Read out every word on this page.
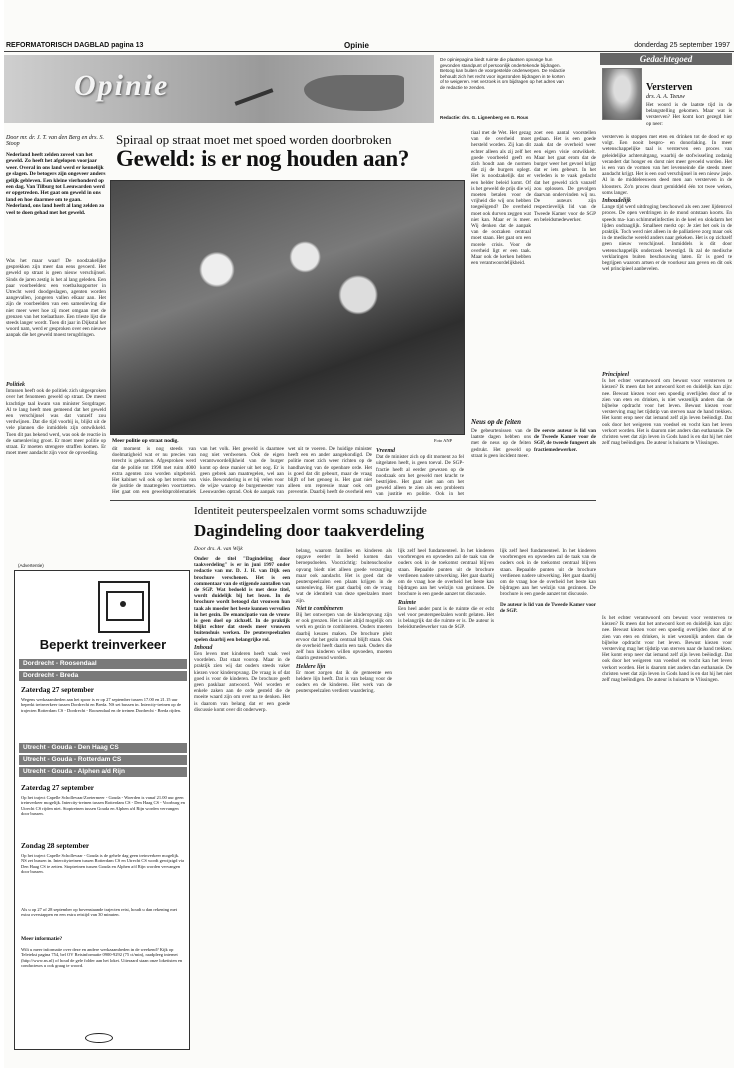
REFORMATORISCH DAGBLAD pagina 13	Opinie	donderdag 25 september 1997
Opinie
De opiniepagina biedt ruimte die plaatsen opvange hun gevonden standpunt of persoonlijk ondertekende bijdragen. Betoog kan buiten de voorgestelde onderwerpen. De redactie behoudt zich het recht voor ingezonden bijdragen in te korten of te weigeren. Het verzoek is om bijdragen op het adres van de redactie te zenden.
Redactie: drs. G. Lignenberg en G. Rous
Gedachtegoed
Versterven
drs. A. A. Teeuw
Het woord is de laatste tijd in de belangstelling gekomen. Maar wat is versterven? Het komt kort gezegd hier op neer:
versterven is stoppen met eten en drinken tot de dood er op volgt. Een nooit bespro- en donorlaking. In meer wetenschappelijke taal is versterven een proces van geleidelijke achteruitgang, waarbij de stofwisseling zodanig verandert dat honger en dorst niet meer gevoeld worden. Het is een van de vormen van het levenseinde die steeds meer aandacht krijgt. Het is een oud verschijnsel in een nieuw jasje. Al in de middeleeuwen deed men aan versterven in de kloosters. Zo'n proces duurt gemiddeld één tot twee weken, soms langer.
Inhoudelijk
Lange tijd werd uitdroging beschouwd als een zeer lijdensvol proces. De open verdringen in de mond ontstaan koorts. En speeds ma- kan schimmelinfecties in de keel en slokdarm het lijden ondraaglijk. Smalheet merkt op: Je ziet het ook in de praktijk. Toch werd niet alleen in de palliatieve zorg maar ook in de medische wereld anders naar gekeken. Het is op zichzelf geen nieuw verschijnsel. Inmiddels is dit door wetenschappelijk onderzoek bevestigd. Ik zal de medische verklaringen buiten beschouwing laten. Er is goed te begrijpen waarom artsen er de voorkeur aan geven en dit ook wel principieel aanbevelen.
Principieel
Is het echter verantwoord om bewust voor versterven te kiezen? Ik meen dat het antwoord kort en duidelijk kan zijn: nee. Bewust kiezen voor een spoedig overlijden door af te zien van eten en drinken, is niet wezenlijk anders dan de bijbelse opdracht voor het leven. Bewust kiezen voor versterving mag het tijdstip van sterven naar de hand trekken. Het komt erop neer dat iemand zelf zijn leven beëindigt. Dat ook door het weigeren van voedsel en vocht kan het leven verkort worden. Het is daarom niet anders dan euthanasie. De christen weet dat zijn leven in Gods hand is en dat hij het niet zelf mag beëindigen. De auteur is huisarts te Vlissingen.
Is het echter verantwoord om bewust voor versterven te kiezen? Ik meen dat het antwoord kort en duidelijk kan zijn: nee. Bewust kiezen voor een spoedig overlijden door af te zien van eten en drinken, is niet wezenlijk anders dan de bijbelse opdracht voor het leven. Bewust kiezen voor versterving mag het tijdstip van sterven naar de hand trekken. Het komt erop neer dat iemand zelf zijn leven beëindigt. Dat ook door het weigeren van voedsel en vocht kan het leven verkort worden. Het is daarom niet anders dan euthanasie. De christen weet dat zijn leven in Gods hand is en dat hij het niet zelf mag beëindigen. De auteur is huisarts te Vlissingen.
Door mr. dr. J. T. van den Berg en drs. S. Stoop
Nederland heeft zelden zoveel van het geweld. Zo heeft het afgelopen voorjaar weer. Overal in ons land werd er kennelijk ge slagen. De betogers zijn ongeveer anders gelijk gebleven. Een kleine vierhonderd op een dag. Van Tilburg tot Leeuwarden werd er opgetreden. Het gaat om geweld in ons land en hoe daarmee om te gaan. Nederland, ons land heeft al lang zelden zo veel te doen gehad met het geweld.
Spiraal op straat moet met spoed worden doorbroken
Geweld: is er nog houden aan?
Was het maar waar! De noodzakelijke gesprekken zijn meer dan eens gevoerd. Het geweld op straat is geen nieuw verschijnsel. Sinds de jaren zestig is het al lang geleden. Een paar voorbeelden: een voetbalsupporter in Utrecht werd doodgeslagen, agenten worden aangevallen, jongeren vallen elkaar aan. Het zijn de voorbeelden van een samenleving die niet meer weet hoe zij moet omgaan met de grenzen van het toelaatbare. Een trieste lijst die steeds langer wordt. Toen dit jaar in Dijkstal het woord nam, werd er gesproken over een nieuwe aanpak die het geweld moest terugdringen.
Politiek
Intussen heeft ook de politiek zich uitgesproken over het fenomeen geweld op straat. De meest krachtige taal kwam van minister Sorgdrager. Al te lang heeft men gemeend dat het geweld een verschijnsel was dat vanzelf zou verdwijnen. Dat die tijd voorbij is, blijkt uit de vele plannen die inmiddels zijn ontwikkeld. Toen dit pas bekend werd, was ook de reactie in de samenleving groot. Er moet meer politie op straat. Er moeten strengere straffen komen. Er moet meer aandacht zijn voor de opvoeding.
Meer politie op straat nodig.	Foto ANP
dit moment is nog steeds van doelmatigheid wat er nu precies van terecht is gekomen. Afgesproken werd dat de politie tot 1998 met ruim 4000 extra agenten zou worden uitgebreid. Het kabinet wil ook op het terrein van de justitie de maatregelen voortzetten. Het gaat om een geweldsproblematiek
van het volk. Het geweld is daarmee nog niet verdwenen. Ook de eigen verantwoordelijkheid van de burger komt op deze manier uit het oog. Er is geen gebrek aan maatregelen, wel aan visie. Bewondering is er bij velen voor de wijze waarop de burgemeester van Leeuwarden optrad. Ook de aanpak van
wet uit te voeren. De huidige minister heeft een en ander aangekondigd. De politie moet zich weer richten op de handhaving van de openbare orde. Het is goed dat dit gebeurt, maar de vraag blijft of het genoeg is. Het gaat niet alleen om repressie maar ook om preventie. Daarbij heeft de overheid een
Vreemd
Dat de minister zich op dit moment zo fel uitgelaten heeft, is geen toeval. De SGP-fractie heeft al eerder gewezen op de noodzaak om het geweld met kracht te bestrijden. Het gaat niet aan om het geweld alleen te zien als een probleem van justitie en politie. Ook in het
tiaal met de Wet. Het gezag van de overheid moet hersteld worden. Zij kan dit echter alleen als zij zelf het goede voorbeeld geeft en zich houdt aan de normen die zij de burgers oplegt. Het is noodzakelijk dat er een helder beleid komt. Of is het geweld de prijs die wij moeten betalen voor de vrijheid die wij ons hebben toegeëigend? De overheid moet ook durven zeggen wat niet kan. Maar er is meer. Wij denken dat de aanpak van de oorzaken centraal moet staan. Het gaat om een morele crisis. Voor de overheid ligt er een taak. Maar ook de kerken hebben een verantwoordelijkheid.
zoet een aantal voorstellen gedaan. Het is een goede zaak dat de overheid weer een eigen visie ontwikkelt. Maar het gaat erom dat de burger weer het gevoel krijgt dat er iets gebeurt. In het verleden is te vaak gedacht dat het geweld zich vanzelf zou oplossen. De gevolgen daarvan ondervinden wij nu. De auteurs zijn respectievelijk lid van de Tweede Kamer voor de SGP en beleidsmedewerker.
Neus op de feiten
De gebeurtenissen van de laatste dagen hebben ons met de neus op de feiten gedrukt. Het geweld op straat is geen incident meer.
De eerste auteur is lid van de Tweede Kamer voor de SGP, de tweede fungeert als fractiemedewerker.
Identiteit peuterspeelzalen vormt soms schaduwzijde
Dagindeling door taakverdeling
Door drs. A. van Wijk
Onder de titel "Dagindeling door taakverdeling" is er in juni 1997 onder redactie van mr. D. J. H. van Dijk een brochure verschenen. Het is een commentaar van de stijgende aantallen van de SGP. Wat bedoeld is met deze titel, wordt duidelijk bij het lezen. In de brochure wordt betoogd dat vrouwen hun taak als moeder het beste kunnen vervullen in het gezin. De emancipatie van de vrouw is geen doel op zichzelf. In de praktijk blijkt echter dat steeds meer vrouwen buitenshuis werken. De peuterspeelzalen spelen daarbij een belangrijke rol.
Inhoud
Een leven met kinderen heeft vaak veel voordelen. Dat staat voorop. Maar in de praktijk zien wij dat ouders steeds vaker kiezen voor kinderopvang. De vraag is of dat goed is voor de kinderen. De brochure geeft geen pasklaar antwoord. Wel worden er enkele zaken aan de orde gesteld die de moeite waard zijn om over na te denken. Het is daarom van belang dat er een goede discussie komt over dit onderwerp.
belang, waarom families en kinderen als opgave eerder in beeld komen dan beroepsdoelen. Voorzichtig: buitenschoolse opvang biedt niet alleen goede verzorging maar ook aandacht. Het is goed dat de peuterspeelzalen een plaats krijgen in de samenleving. Het gaat daarbij om de vraag wat de identiteit van deze speelzalen moet zijn.
Niet te combineren
Bij het ontwerpen van de kinderopvang zijn er ook grenzen. Het is niet altijd mogelijk om werk en gezin te combineren. Ouders moeten daarbij keuzes maken. De brochure pleit ervoor dat het gezin centraal blijft staan. Ook de overheid heeft daarin een taak. Ouders die zelf hun kinderen willen opvoeden, moeten daarin gesteund worden.
Heldere lijn
Er moet zorgen dat ik de gemeente een heldere lijn heeft. Dat is van belang voor de ouders en de kinderen. Het werk van de peuterspeelzalen verdient waardering.
lijk zelf heel fundamenteel. In het kinderen voorbrengen en opvoeden zal de taak van de ouders ook in de toekomst centraal blijven staan. Bepaalde punten uit de brochure verdienen nadere uitwerking. Het gaat daarbij om de vraag hoe de overheid het beste kan bijdragen aan het welzijn van gezinnen. De brochure is een goede aanzet tot discussie.
Ruimte
Een heel ander punt is de ruimte die er echt wel voor peuterspeelzalen wordt gelaten. Het is belangrijk dat die ruimte er is. De auteur is beleidsmedewerker van de SGP.
lijk zelf heel fundamenteel. In het kinderen voorbrengen en opvoeden zal de taak van de ouders ook in de toekomst centraal blijven staan. Bepaalde punten uit de brochure verdienen nadere uitwerking. Het gaat daarbij om de vraag hoe de overheid het beste kan bijdragen aan het welzijn van gezinnen. De brochure is een goede aanzet tot discussie.
De auteur is lid van de Tweede Kamer voor de SGP.
(Advertentie)
Beperkt treinverkeer
Dordrecht - Roosendaal
Dordrecht - Breda
Zaterdag 27 september
Wegens werkzaamheden aan het spoor is er op 27 september tussen 17.00 en 21.15 uur beperkt treinverkeer tussen Dordrecht en Breda. NS set bussen in. Intercity-treinen op de trajecten Rotterdam CS - Dordrecht - Roosendaal en de treinen Dordrecht - Breda rijden.
Utrecht - Gouda - Den Haag CS
Utrecht - Gouda - Rotterdam CS
Utrecht - Gouda - Alphen a/d Rijn
Zaterdag 27 september
Op het traject Capelle Schollevaar/Zoetermeer - Gouda - Woerden is vanaf 21.00 uur geen treinverkeer mogelijk. Intercity-treinen tussen Rotterdam CS - Den Haag CS - Voorburg en Utrecht CS rijden niet. Stoptreinen tussen Gouda en Alphen a/d Rijn worden vervangen door bussen.
Zondag 28 september
Op het traject Capelle Schollevaar - Gouda is de gehele dag geen treinverkeer mogelijk. NS zet bussen in. Intercitytreinen tussen Rotterdam CS en Utrecht CS wordt gewijzigd via Den Haag CS te zetten. Stoptreinen tussen Gouda en Alphen a/d Rijn worden vervangen door bussen.
Als u op 27 of 28 september op bovenstaande trajecten reist, houdt u dan rekening met extra overstappen en een extra reistijd van 30 minuten.
Meer informatie?
Wilt u meer informatie over deze en andere werkzaamheden in de weekend? Kijk op Teletekst pagina 754, bel OV Reisinformatie 0900-9292 (75 ct/min), raadpleeg internet (http://www.ns.nl) of houd de gele folder aan het loket. Uiteraard staan onze loketisten en conducteurs u ook graag te woord.
